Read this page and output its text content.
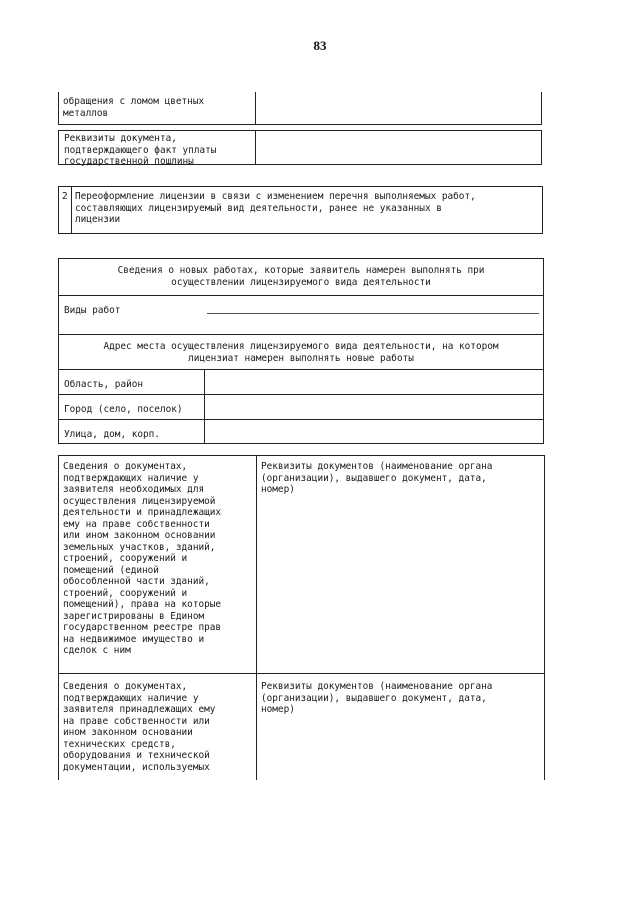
83
обращения с ломом цветных
металлов
Реквизиты документа,
подтверждающего факт уплаты
государственной пошлины
2 Переоформление лицензии в связи с изменением перечня выполняемых работ,
составляющих лицензируемый вид деятельности, ранее не указанных в
лицензии
Сведения о новых работах, которые заявитель намерен выполнять при
осуществлении лицензируемого вида деятельности
Виды работ
Адрес места осуществления лицензируемого вида деятельности, на котором
лицензиат намерен выполнять новые работы
Область, район
Город (село, поселок)
Улица, дом, корп.
Сведения о документах,
подтверждающих наличие у
заявителя необходимых для
осуществления лицензируемой
деятельности и принадлежащих
ему на праве собственности
или ином законном основании
земельных участков, зданий,
строений, сооружений и
помещений (единой
обособленной части зданий,
строений, сооружений и
помещений), права на которые
зарегистрированы в Едином
государственном реестре прав
на недвижимое имущество и
сделок с ним
Реквизиты документов (наименование органа
(организации), выдавшего документ, дата,
номер)
Сведения о документах,
подтверждающих наличие у
заявителя принадлежащих ему
на праве собственности или
ином законном основании
технических средств,
оборудования и технической
документации, используемых
Реквизиты документов (наименование органа
(организации), выдавшего документ, дата,
номер)
